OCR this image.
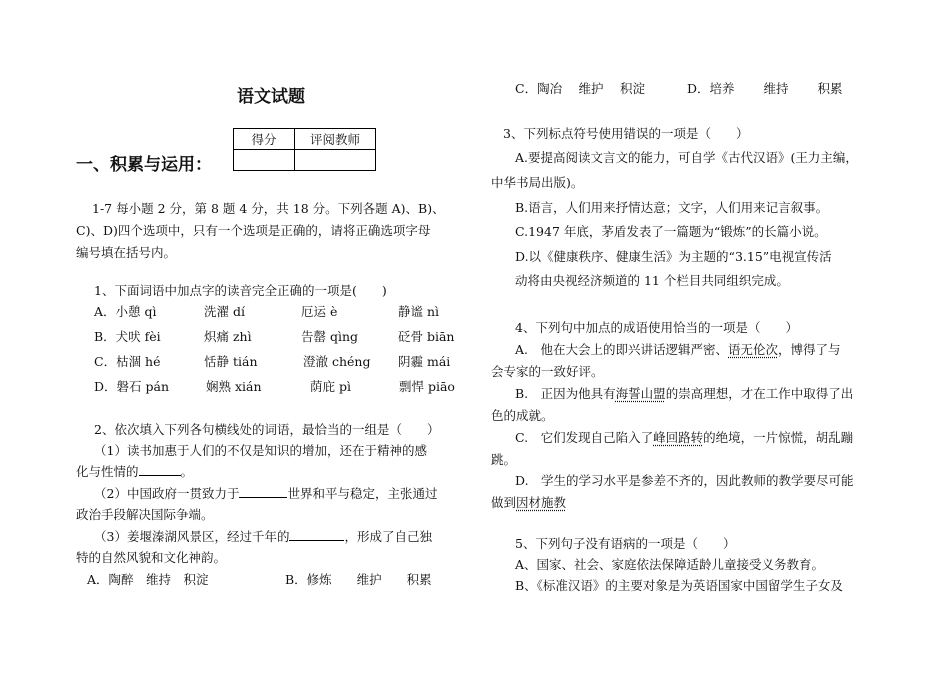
语文试题
得分	评阅教师

一、积累与运用：
1-7 每小题 2 分，第 8 题 4 分，共 18 分。下列各题 A)、B)、
C)、D)四个选项中，只有一个选项是正确的，请将正确选项字母
编号填在括号内。
1、下面词语中加点字的读音完全正确的一项是(　　)
A．小憩 qì	洗濯 dí	厄运 è	静谧 nì
B．犬吠 fèi	炽痛 zhì	告罄 qìng	砭骨 biān
C．枯涸 hé	恬静 tián	澄澈 chéng 阴霾 mái
D．磐石 pán	娴熟 xián	荫庇 pì	剽悍 piāo
2、依次填入下列各句横线处的词语，最恰当的一组是（　　）
（1）读书加惠于人们的不仅是知识的增加，还在于精神的感
化与性情的	。
（2）中国政府一贯致力于	世界和平与稳定，主张通过
政治手段解决国际争端。
（3）姜堰溱湖风景区，经过千年的	，形成了自己独
特的自然风貌和文化神韵。
A．陶醉　维持　积淀	B．修炼　　维护　　积累
C．陶冶　 维护　 积淀	D．培养　　 维持　　 积累
3、下列标点符号使用错误的一项是（　　）
A.要提高阅读文言文的能力，可自学《古代汉语》(王力主编，
中华书局出版)。
B.语言，人们用来抒情达意；文字，人们用来记言叙事。
C.1947 年底，茅盾发表了一篇题为“锻炼”的长篇小说。
D.以《健康秩序、健康生活》为主题的“3.15”电视宣传活
动将由央视经济频道的 11 个栏目共同组织完成。
4、下列句中加点的成语使用恰当的一项是（　　）
A.　他在大会上的即兴讲话逻辑严密、语无伦次，博得了与
会专家的一致好评。
B.　正因为他具有海誓山盟的崇高理想，才在工作中取得了出
色的成就。
C.　它们发现自己陷入了峰回路转的绝境，一片惊慌，胡乱蹦
跳。
D.　学生的学习水平是参差不齐的，因此教师的教学要尽可能
做到因材施教
5、下列句子没有语病的一项是（　　）
A、国家、社会、家庭依法保障适龄儿童接受义务教育。
B、《标准汉语》的主要对象是为英语国家中国留学生子女及
